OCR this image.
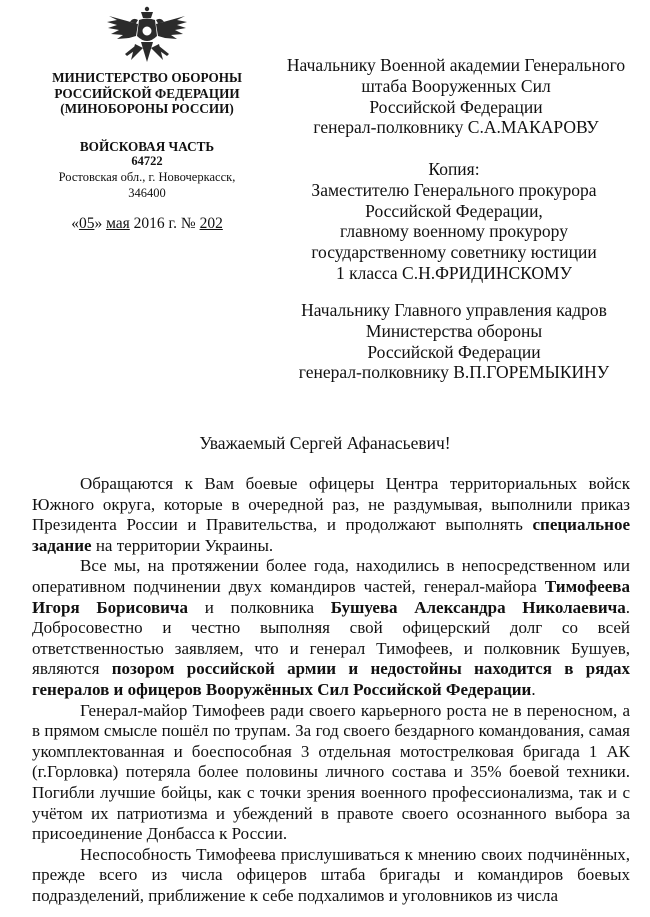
МИНИСТЕРСТВО ОБОРОНЫ
РОССИЙСКОЙ ФЕДЕРАЦИИ
(МИНОБОРОНЫ РОССИИ)
ВОЙСКОВАЯ ЧАСТЬ
64722
Ростовская обл., г. Новочеркасск,
346400
«05» мая 2016 г. № 202
Начальнику Военной академии Генерального
штаба Вооруженных Сил
Российской Федерации
генерал-полковнику С.А.МАКАРОВУ
Копия:
Заместителю Генерального прокурора
Российской Федерации,
главному военному прокурору
государственному советнику юстиции
1 класса С.Н.ФРИДИНСКОМУ
Начальнику Главного управления кадров
Министерства обороны
Российской Федерации
генерал-полковнику В.П.ГОРЕМЫКИНУ
Уважаемый Сергей Афанасьевич!

Обращаются к Вам боевые офицеры Центра территориальных войск Южного округа, которые в очередной раз, не раздумывая, выполнили приказ Президента России и Правительства, и продолжают выполнять специальное задание на территории Украины.

Все мы, на протяжении более года, находились в непосредственном или оперативном подчинении двух командиров частей, генерал-майора Тимофеева Игоря Борисовича и полковника Бушуева Александра Николаевича. Добросовестно и честно выполняя свой офицерский долг со всей ответственностью заявляем, что и генерал Тимофеев, и полковник Бушуев, являются позором российской армии и недостойны находится в рядах генералов и офицеров Вооружённых Сил Российской Федерации.

Генерал-майор Тимофеев ради своего карьерного роста не в переносном, а в прямом смысле пошёл по трупам. За год своего бездарного командования, самая укомплектованная и боеспособная 3 отдельная мотострелковая бригада 1 АК (г.Горловка) потеряла более половины личного состава и 35% боевой техники. Погибли лучшие бойцы, как с точки зрения военного профессионализма, так и с учётом их патриотизма и убеждений в правоте своего осознанного выбора за присоединение Донбасса к России.

Неспособность Тимофеева прислушиваться к мнению своих подчинённых, прежде всего из числа офицеров штаба бригады и командиров боевых подразделений, приближение к себе подхалимов и уголовников из числа
